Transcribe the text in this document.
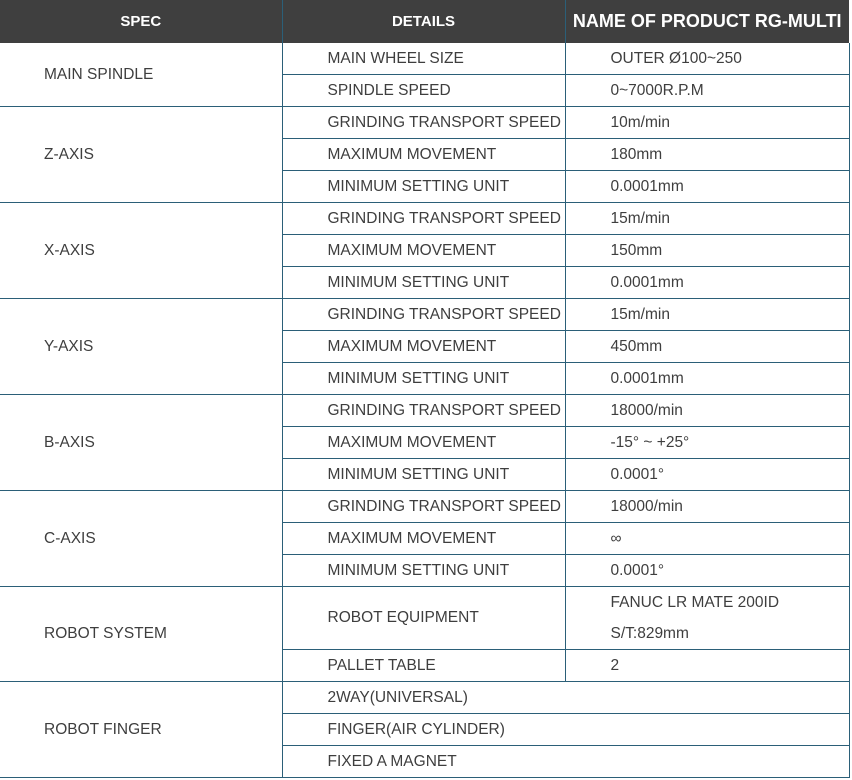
SPEC	DETAILS	NAME OF PRODUCT RG-MULTI
MAIN SPINDLE	MAIN WHEEL SIZE	OUTER Ø100~250
	SPINDLE SPEED	0~7000R.P.M
Z-AXIS	GRINDING TRANSPORT SPEED	10m/min
	MAXIMUM MOVEMENT	180mm
	MINIMUM SETTING UNIT	0.0001mm
X-AXIS	GRINDING TRANSPORT SPEED	15m/min
	MAXIMUM MOVEMENT	150mm
	MINIMUM SETTING UNIT	0.0001mm
Y-AXIS	GRINDING TRANSPORT SPEED	15m/min
	MAXIMUM MOVEMENT	450mm
	MINIMUM SETTING UNIT	0.0001mm
B-AXIS	GRINDING TRANSPORT SPEED	18000/min
	MAXIMUM MOVEMENT	-15° ~ +25°
	MINIMUM SETTING UNIT	0.0001°
C-AXIS	GRINDING TRANSPORT SPEED	18000/min
	MAXIMUM MOVEMENT	∞
	MINIMUM SETTING UNIT	0.0001°
ROBOT SYSTEM	ROBOT EQUIPMENT	FANUC LR MATE 200ID
S/T:829mm

	PALLET TABLE	2
ROBOT FINGER	2WAY(UNIVERSAL)	
	FINGER(AIR CYLINDER)	
	FIXED A MAGNET	
